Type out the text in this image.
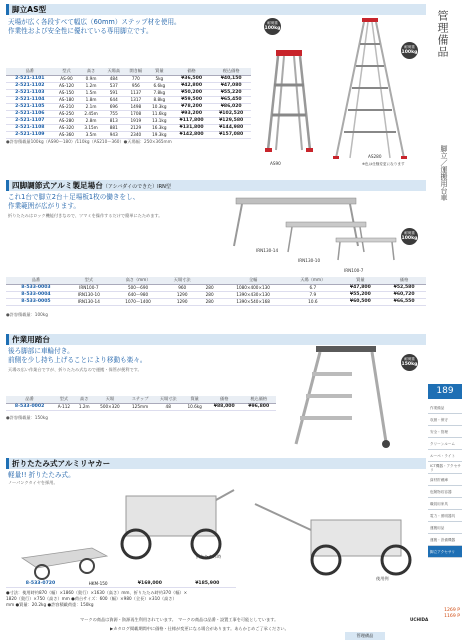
脚立AS型
天場が広く各段すべて幅広（60mm）ステップ材を使用。
作業性および安全性に優れている専用脚立です。
品番	型式	高さ	天場高	開き幅	質量	価格	税込価格
2-521-1101	AS-90	0.9m	484	770	5kg	¥36,500	¥40,150
2-521-1102	AS-120	1.2m	537	956	6.6kg	¥42,800	¥47,080
2-521-1103	AS-150	1.5m	591	1137	7.8kg	¥50,200	¥55,220
2-521-1104	AS-180	1.8m	644	1317	8.8kg	¥59,500	¥65,450
2-521-1105	AS-210	2.1m	696	1498	10.3kg	¥78,200	¥86,020
2-521-1106	AS-250	2.45m	755	1708	11.6kg	¥93,200	¥102,520
2-521-1107	AS-280	2.8m	813	1919	13.1kg	¥117,800	¥129,580
2-521-1108	AS-320	3.15m	881	2129	16.3kg	¥131,800	¥144,980
2-521-1109	AS-360	3.5m	943	2340	19.3kg	¥142,800	¥157,080
●許容積載量100kg（AS90〜180）/110kg（AS210〜360）●天場幅：250×365mm
耐荷重
100kg
AS90
耐荷重
100kg
AS280
※色は仕様変更になります
四脚調節式アルミ製足場台（アシバダイのできた）IRN型
これ1台で脚立2台＋足場板1枚の働きをし、
作業範囲が広がります。
折りたたみはロック機能付きなので、ツマミを操作するだけで簡単にたためます。
耐荷重
100kg
IRN130-14
IRN130-10
IRN100-7
品番	型式	高さ（mm）	天場寸法		全幅	天場（mm）	質量	価格
8-533-0003	IRN100-7	500〜690	960	280	1080×400×130	6.7	¥47,800	¥52,580
8-533-0004	IRN130-10	640〜980	1290	280	1390×430×130	7.9	¥55,200	¥60,720
8-533-0005	IRN130-14	1070〜1400	1290	280	1390×540×168	10.6	¥60,500	¥66,550
●許容積載量：100kg
作業用踏台
後ろ脚部に車輪付き。
前側を少し持ち上げることにより移動も楽々。
天場の広い作業台ですが、折りたたみ式なので運搬・保管が便利です。
耐荷重
150kg
品番	型式	高さ	天場	ステップ	天場寸法	質量	価格	税込価格
8-533-0002	A-112	1.2m	500×320	125mm	48	10.6kg	¥88,000	¥96,800
●許容積載量：150kg
折りたたみ式アルミリヤカー
軽量!! 折りたたみ式。
ノーパンクタイヤを採用。
折りたたみ時
使用例
8-533-0720	HKM-150	¥169,000	¥185,900
●寸法：使用時約870（幅）×1860（奥行）×1630（高さ）mm、折りたたみ時約370（幅）×
1820（奥行）×750（高さ）mm ●荷台サイズ：600（幅）×980（全長）×310（高さ）
mm ●質量：20.2kg ●許容積載荷重：150kg
管理備品
脚立／運搬用台車
189
作業備品
収納・保守
安全・管理
クリーンルーム
ルーペ・ライト
ICT機器・アクセサリ
資材貯蔵庫
危険物収容器
職員用家具
電力・照明器具
運搬用品
運搬・設備機器
脚立アクセサリ
1269 P
1169 P
マークの商品は資源・資源再生利用されています。　 マークの商品は品番・設置工事を可能としています。	UCHIDA
▶カタログ掲載期間中に価格・仕様が変更になる場合があります。あらかじめご了承ください。
管理備品
